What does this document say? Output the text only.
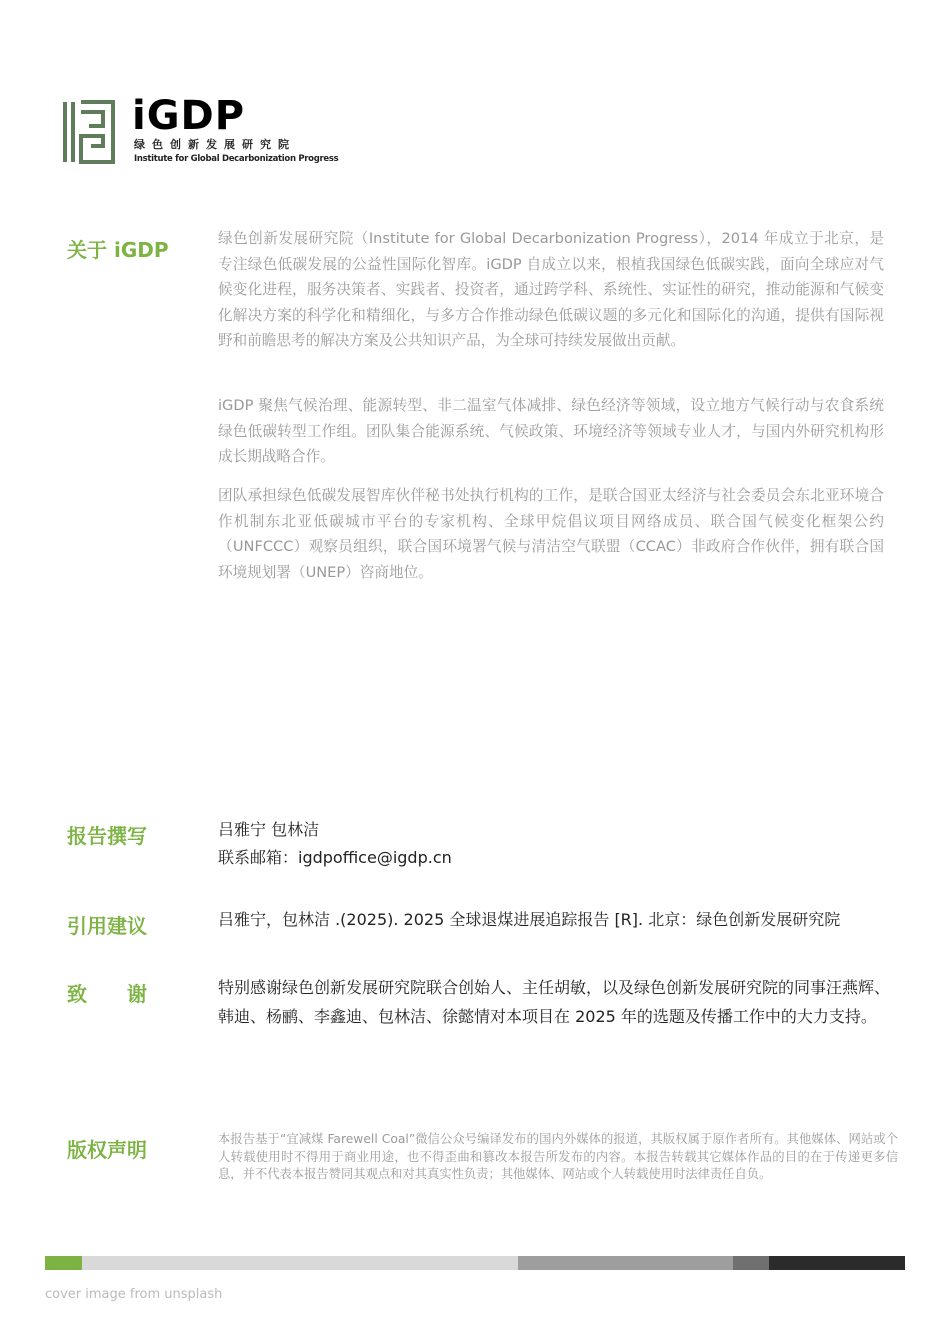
iGDP
绿色创新发展研究院
Institute for Global Decarbonization Progress
关于 iGDP	绿色创新发展研究院（Institute for Global Decarbonization Progress），2014 年成立于北京，是专注绿色低碳发展的公益性国际化智库。iGDP 自成立以来，根植我国绿色低碳实践，面向全球应对气候变化进程，服务决策者、实践者、投资者，通过跨学科、系统性、实证性的研究，推动能源和气候变化解决方案的科学化和精细化，与多方合作推动绿色低碳议题的多元化和国际化的沟通，提供有国际视野和前瞻思考的解决方案及公共知识产品，为全球可持续发展做出贡献。

iGDP 聚焦气候治理、能源转型、非二温室气体减排、绿色经济等领域，设立地方气候行动与农食系统绿色低碳转型工作组。团队集合能源系统、气候政策、环境经济等领域专业人才，与国内外研究机构形成长期战略合作。

团队承担绿色低碳发展智库伙伴秘书处执行机构的工作，是联合国亚太经济与社会委员会东北亚环境合作机制东北亚低碳城市平台的专家机构、全球甲烷倡议项目网络成员、联合国气候变化框架公约（UNFCCC）观察员组织，联合国环境署气候与清洁空气联盟（CCAC）非政府合作伙伴，拥有联合国环境规划署（UNEP）咨商地位。

报告撰写	吕雅宁 包林洁
联系邮箱：igdpoffice@igdp.cn
引用建议	吕雅宁，包林洁 .(2025). 2025 全球退煤进展追踪报告 [R]. 北京：绿色创新发展研究院
致　　谢	特别感谢绿色创新发展研究院联合创始人、主任胡敏，以及绿色创新发展研究院的同事汪燕辉、韩迪、杨鹂、李鑫迪、包林洁、徐懿情对本项目在 2025 年的选题及传播工作中的大力支持。

版权声明	本报告基于“宜减煤 Farewell Coal”微信公众号编译发布的国内外媒体的报道，其版权属于原作者所有。其他媒体、网站或个人转载使用时不得用于商业用途，也不得歪曲和篡改本报告所发布的内容。本报告转载其它媒体作品的目的在于传递更多信息，并不代表本报告赞同其观点和对其真实性负责；其他媒体、网站或个人转载使用时法律责任自负。

cover image from unsplash
